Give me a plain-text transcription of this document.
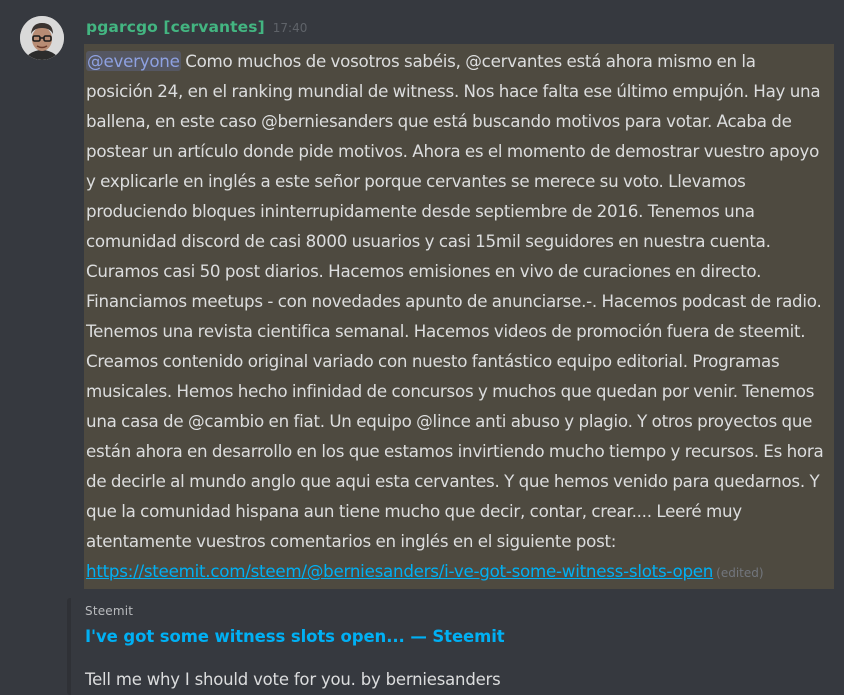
pgarcgo [cervantes] 17:40
@everyone Como muchos de vosotros sabéis, @cervantes está ahora mismo en la posición 24, en el ranking mundial de witness. Nos hace falta ese último empujón. Hay una ballena, en este caso @berniesanders que está buscando motivos para votar. Acaba de postear un artículo donde pide motivos. Ahora es el momento de demostrar vuestro apoyo y explicarle en inglés a este señor porque cervantes se merece su voto. Llevamos produciendo bloques ininterrupidamente desde septiembre de 2016. Tenemos una comunidad discord de casi 8000 usuarios y casi 15mil seguidores en nuestra cuenta. Curamos casi 50 post diarios. Hacemos emisiones en vivo de curaciones en directo. Financiamos meetups - con novedades apunto de anunciarse.-. Hacemos podcast de radio. Tenemos una revista cientifica semanal. Hacemos videos de promoción fuera de steemit. Creamos contenido original variado con nuesto fantástico equipo editorial. Programas musicales. Hemos hecho infinidad de concursos y muchos que quedan por venir. Tenemos una casa de @cambio en fiat. Un equipo @lince anti abuso y plagio. Y otros proyectos que están ahora en desarrollo en los que estamos invirtiendo mucho tiempo y recursos. Es hora de decirle al mundo anglo que aqui esta cervantes. Y que hemos venido para quedarnos. Y que la comunidad hispana aun tiene mucho que decir, contar, crear.... Leeré muy atentamente vuestros comentarios en inglés en el siguiente post: https://steemit.com/steem/@berniesanders/i-ve-got-some-witness-slots-open (edited)
Steemit
I've got some witness slots open... — Steemit
Tell me why I should vote for you. by berniesanders
